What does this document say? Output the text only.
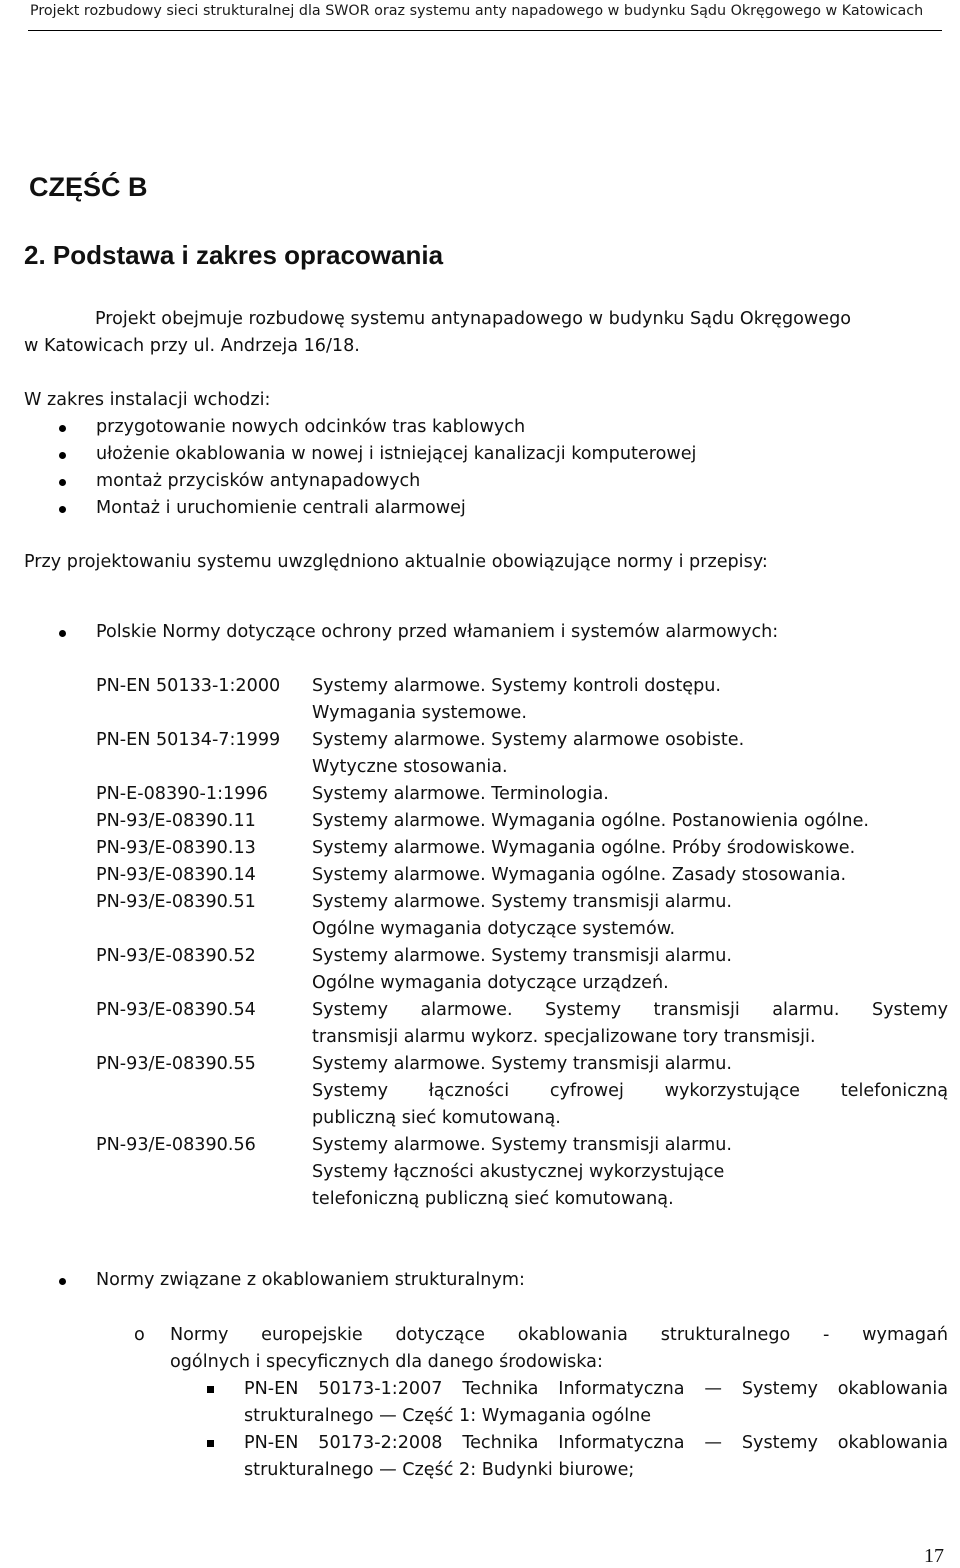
Projekt rozbudowy sieci strukturalnej dla SWOR oraz systemu anty napadowego w budynku Sądu Okręgowego w Katowicach
CZĘŚĆ B
2. Podstawa i zakres opracowania
Projekt obejmuje rozbudowę systemu antynapadowego w budynku Sądu Okręgowego
w Katowicach przy ul. Andrzeja 16/18.
W zakres instalacji wchodzi:
przygotowanie nowych odcinków tras kablowych
ułożenie okablowania w nowej i istniejącej kanalizacji komputerowej
montaż przycisków antynapadowych
Montaż i uruchomienie centrali alarmowej
Przy projektowaniu systemu uwzględniono aktualnie obowiązujące normy i przepisy:
Polskie Normy dotyczące ochrony przed włamaniem i systemów alarmowych:
PN-EN 50133-1:2000 Systemy alarmowe. Systemy kontroli dostępu.
Wymagania systemowe.
PN-EN 50134-7:1999 Systemy alarmowe. Systemy alarmowe osobiste.
Wytyczne stosowania.
PN-E-08390-1:1996	Systemy alarmowe. Terminologia.
PN-93/E-08390.11	Systemy alarmowe. Wymagania ogólne. Postanowienia ogólne.
PN-93/E-08390.13	Systemy alarmowe. Wymagania ogólne. Próby środowiskowe.
PN-93/E-08390.14	Systemy alarmowe. Wymagania ogólne. Zasady stosowania.
PN-93/E-08390.51	Systemy alarmowe. Systemy transmisji alarmu.
Ogólne wymagania dotyczące systemów.
PN-93/E-08390.52	Systemy alarmowe. Systemy transmisji alarmu.
Ogólne wymagania dotyczące urządzeń.
PN-93/E-08390.54	Systemy alarmowe. Systemy transmisji alarmu. Systemy
transmisji alarmu wykorz. specjalizowane tory transmisji.
PN-93/E-08390.55	Systemy alarmowe. Systemy transmisji alarmu.
Systemy łączności cyfrowej wykorzystujące telefoniczną
publiczną sieć komutowaną.
PN-93/E-08390.56	Systemy alarmowe. Systemy transmisji alarmu.
Systemy łączności akustycznej wykorzystujące
telefoniczną publiczną sieć komutowaną.
Normy związane z okablowaniem strukturalnym:
o Normy europejskie dotyczące okablowania strukturalnego - wymagań
ogólnych i specyficznych dla danego środowiska:
PN-EN 50173-1:2007 Technika Informatyczna — Systemy okablowania
strukturalnego — Część 1: Wymagania ogólne
PN-EN 50173-2:2008 Technika Informatyczna — Systemy okablowania
strukturalnego — Część 2: Budynki biurowe;
17
